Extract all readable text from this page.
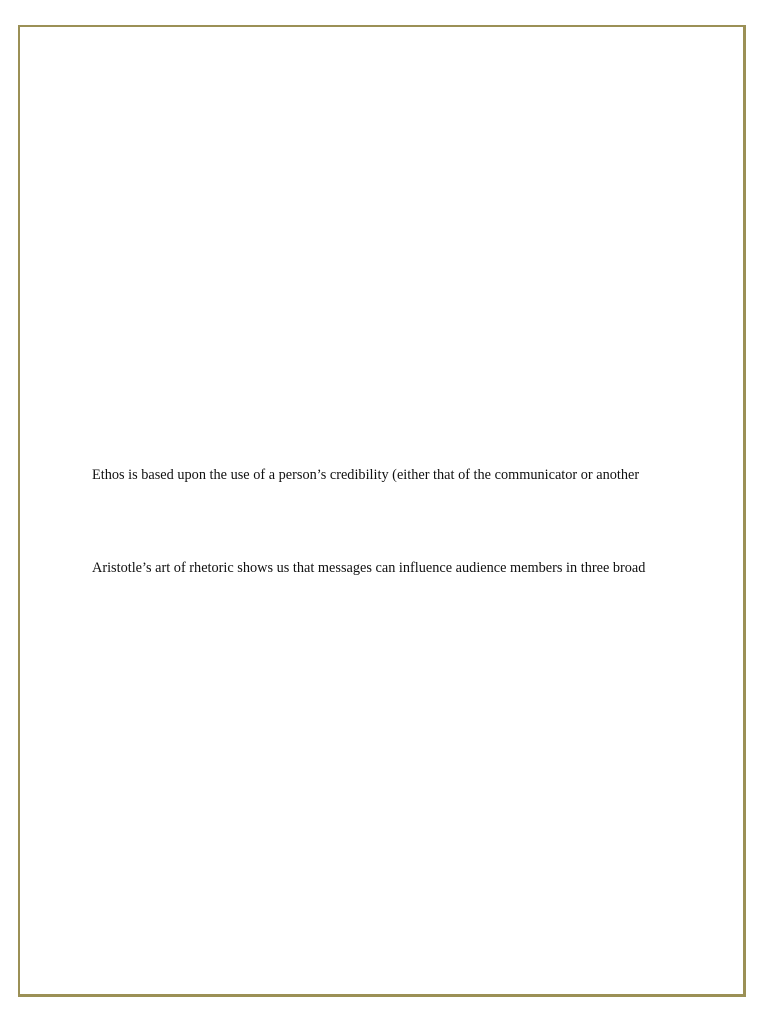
Ethos is based upon the use of a person’s credibility (either that of the communicator or another
Aristotle’s art of rhetoric shows us that messages can influence audience members in three broad
